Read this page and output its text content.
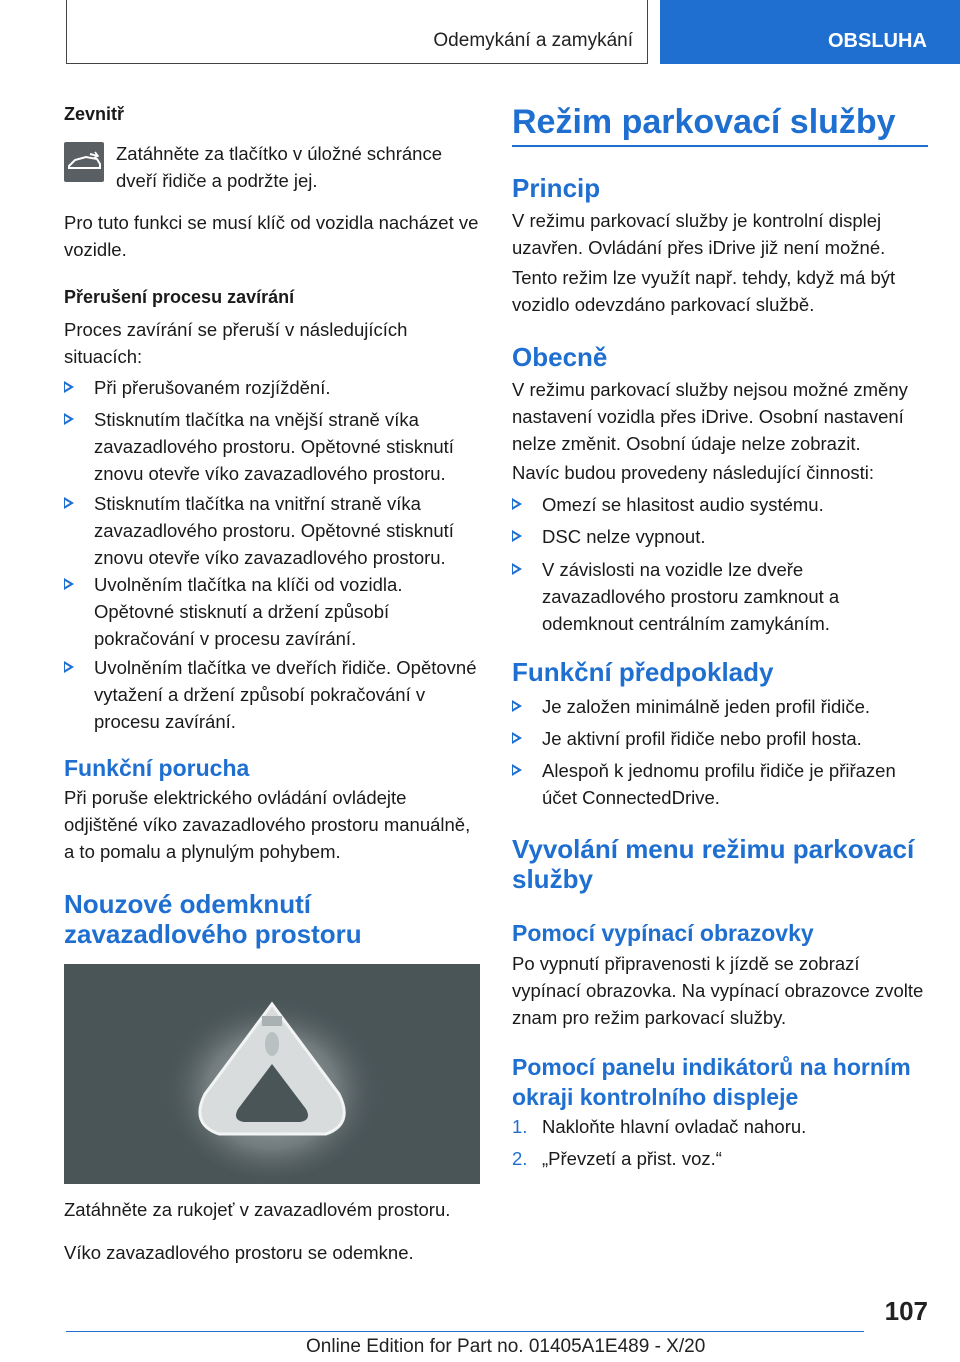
Odemykání a zamykání	OBSLUHA
Zevnitř

Zatáhněte za tlačítko v úložné schránce dveří řidiče a podržte jej.

Pro tuto funkci se musí klíč od vozidla nacházet ve vozidle.

Přerušení procesu zavírání

Proces zavírání se přeruší v následujících situacích:

Při přerušovaném rozjíždění.
Stisknutím tlačítka na vnější straně víka zavazadlového prostoru. Opětovné stisknutí znovu otevře víko zavazadlového prostoru.
Stisknutím tlačítka na vnitřní straně víka zavazadlového prostoru. Opětovné stisknutí znovu otevře víko zavazadlového prostoru.
Uvolněním tlačítka na klíči od vozidla. Opětovné stisknutí a držení způsobí pokračování v procesu zavírání.
Uvolněním tlačítka ve dveřích řidiče. Opětovné vytažení a držení způsobí pokračování v procesu zavírání.
Funkční porucha

Při poruše elektrického ovládání ovládejte odjištěné víko zavazadlového prostoru manuálně, a to pomalu a plynulým pohybem.

Nouzové odemknutí zavazadlového prostoru

Zatáhněte za rukojeť v zavazadlovém prostoru.

Víko zavazadlového prostoru se odemkne.

Režim parkovací služby
Princip

V režimu parkovací služby je kontrolní displej uzavřen. Ovládání přes iDrive již není možné.

Tento režim lze využít např. tehdy, když má být vozidlo odevzdáno parkovací službě.

Obecně

V režimu parkovací služby nejsou možné změny nastavení vozidla přes iDrive. Osobní nastavení nelze změnit. Osobní údaje nelze zobrazit.

Navíc budou provedeny následující činnosti:

Omezí se hlasitost audio systému.
DSC nelze vypnout.
V závislosti na vozidle lze dveře zavazadlového prostoru zamknout a odemknout centrálním zamykáním.
Funkční předpoklady
Je založen minimálně jeden profil řidiče.
Je aktivní profil řidiče nebo profil hosta.
Alespoň k jednomu profilu řidiče je přiřazen účet ConnectedDrive.
Vyvolání menu režimu parkovací služby
Pomocí vypínací obrazovky

Po vypnutí připravenosti k jízdě se zobrazí vypínací obrazovka. Na vypínací obrazovce zvolte znam pro režim parkovací služby.

Pomocí panelu indikátorů na horním okraji kontrolního displeje
1. Nakloňte hlavní ovladač nahoru.
2. „Převzetí a přist. voz.“
107
Online Edition for Part no. 01405A1E489 - X/20
